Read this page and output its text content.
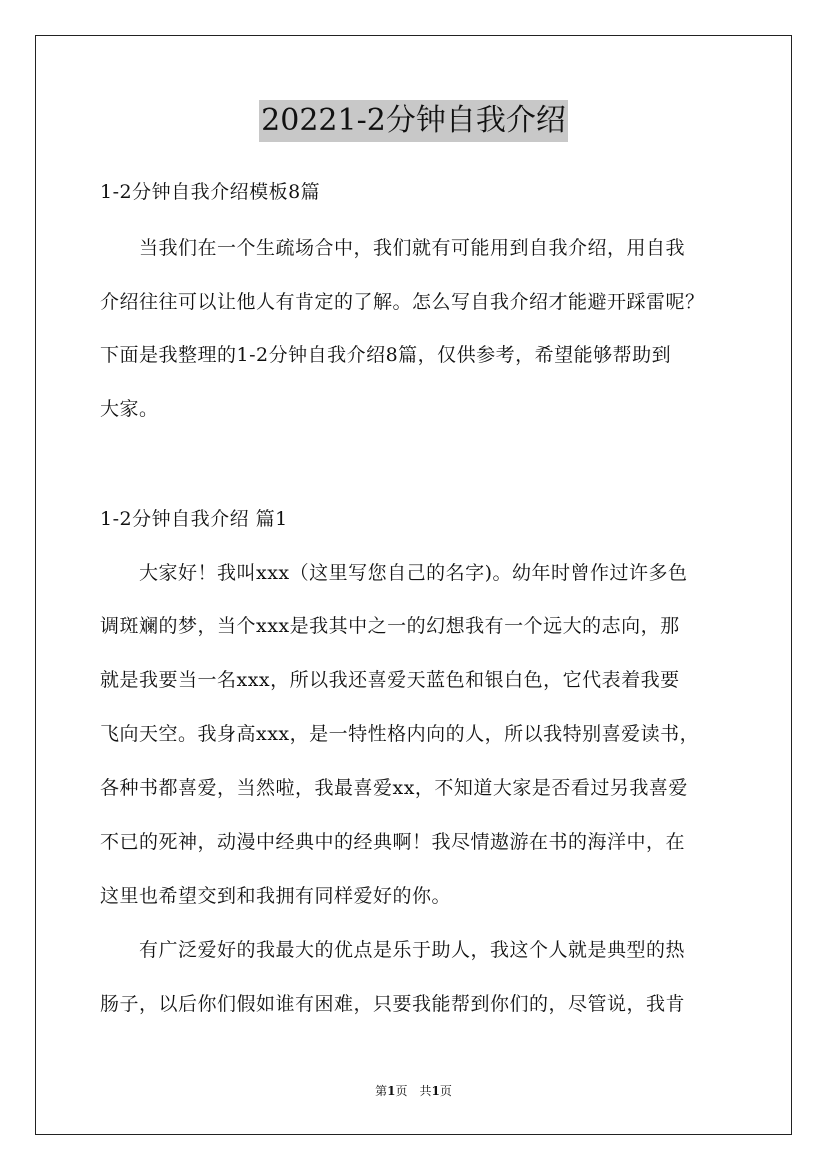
20221-2分钟自我介绍
1-2分钟自我介绍模板8篇
　　当我们在一个生疏场合中，我们就有可能用到自我介绍，用自我
介绍往往可以让他人有肯定的了解。怎么写自我介绍才能避开踩雷呢？
下面是我整理的1-2分钟自我介绍8篇，仅供参考，希望能够帮助到
大家。
1-2分钟自我介绍 篇1
　　大家好！我叫xxx（这里写您自己的名字)。幼年时曾作过许多色
调斑斓的梦，当个xxx是我其中之一的幻想我有一个远大的志向，那
就是我要当一名xxx，所以我还喜爱天蓝色和银白色，它代表着我要
飞向天空。我身高xxx，是一特性格内向的人，所以我特别喜爱读书，
各种书都喜爱，当然啦，我最喜爱xx，不知道大家是否看过另我喜爱
不已的死神，动漫中经典中的经典啊！我尽情遨游在书的海洋中，在
这里也希望交到和我拥有同样爱好的你。
　　有广泛爱好的我最大的优点是乐于助人，我这个人就是典型的热
肠子，以后你们假如谁有困难，只要我能帮到你们的，尽管说，我肯
第1页　共1页
